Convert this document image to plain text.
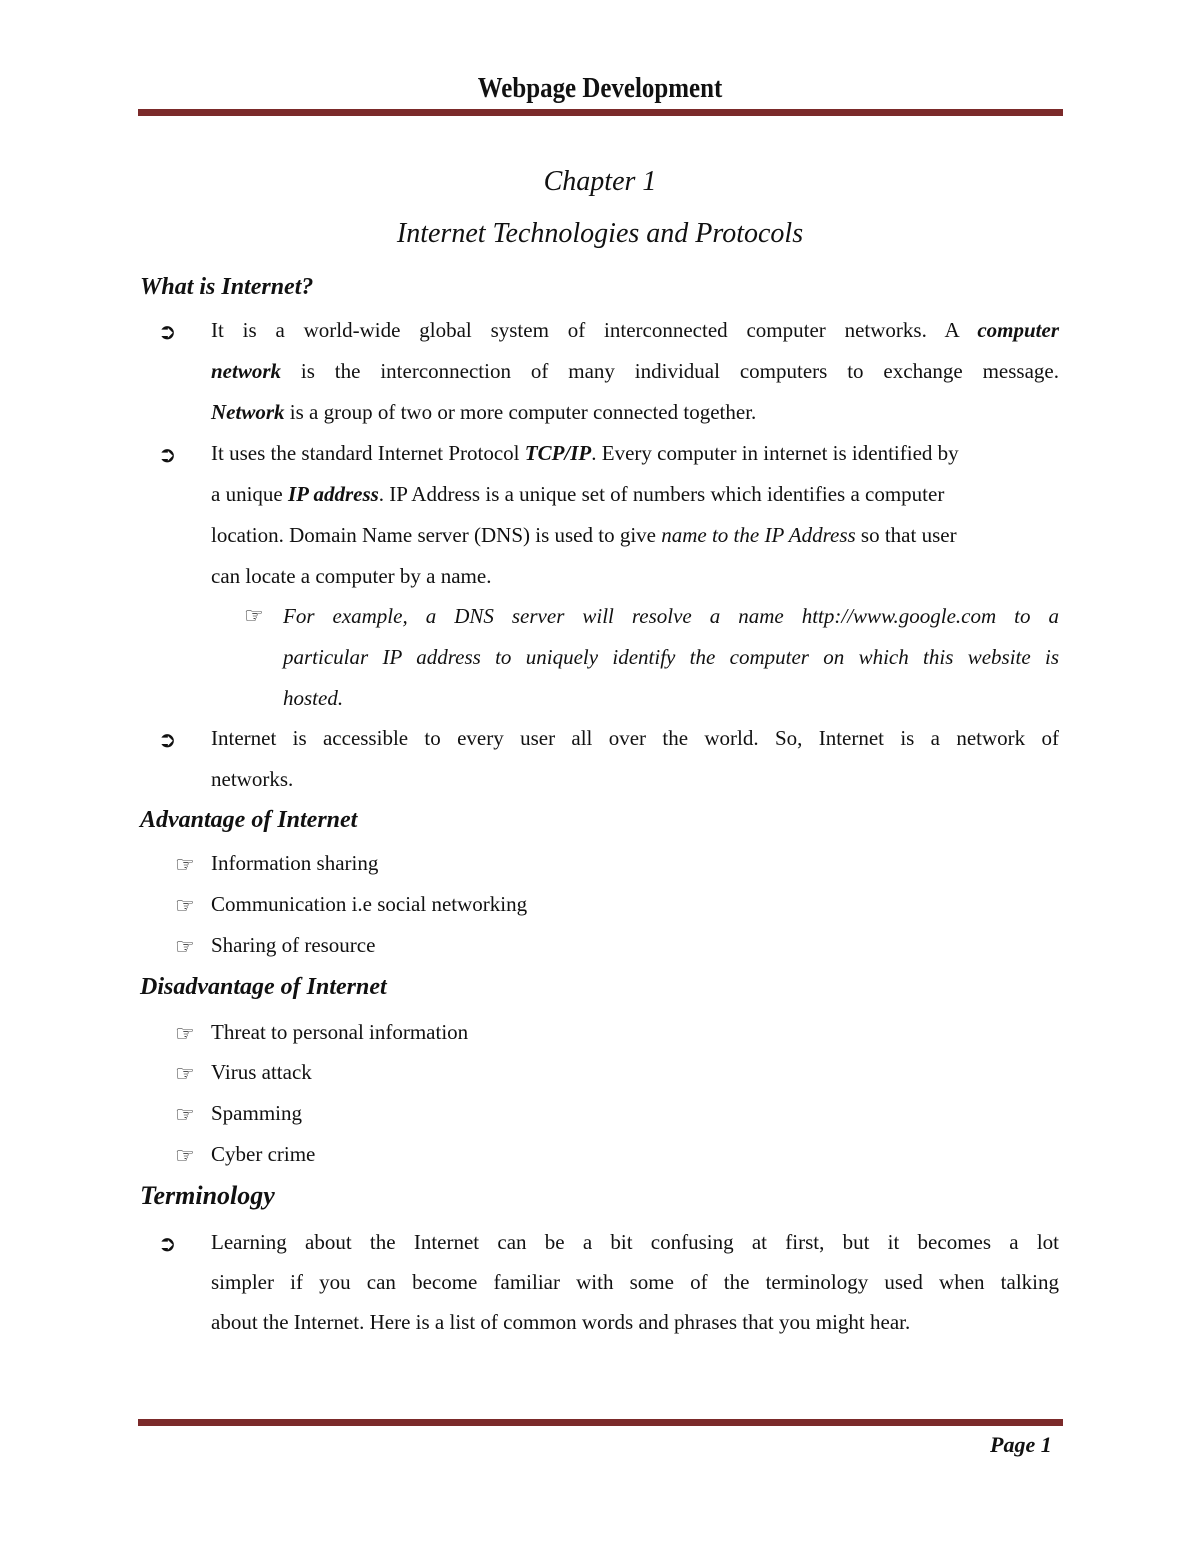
Webpage Development
Chapter 1
Internet Technologies and Protocols
What is Internet?
➲ It is a world-wide global system of interconnected computer networks. A computer
network is the interconnection of many individual computers to exchange message.
Network is a group of two or more computer connected together.
➲ It uses the standard Internet Protocol TCP/IP. Every computer in internet is identified by
a unique IP address. IP Address is a unique set of numbers which identifies a computer
location. Domain Name server (DNS) is used to give name to the IP Address so that user
can locate a computer by a name.
☞ For example, a DNS server will resolve a name http://www.google.com to a
particular IP address to uniquely identify the computer on which this website is
hosted.
➲ Internet is accessible to every user all over the world. So, Internet is a network of
networks.
Advantage of Internet
☞ Information sharing
☞ Communication i.e social networking
☞ Sharing of resource
Disadvantage of Internet
☞ Threat to personal information
☞ Virus attack
☞ Spamming
☞ Cyber crime
Terminology
➲ Learning about the Internet can be a bit confusing at first, but it becomes a lot
simpler if you can become familiar with some of the terminology used when talking
about the Internet. Here is a list of common words and phrases that you might hear.
Page 1
